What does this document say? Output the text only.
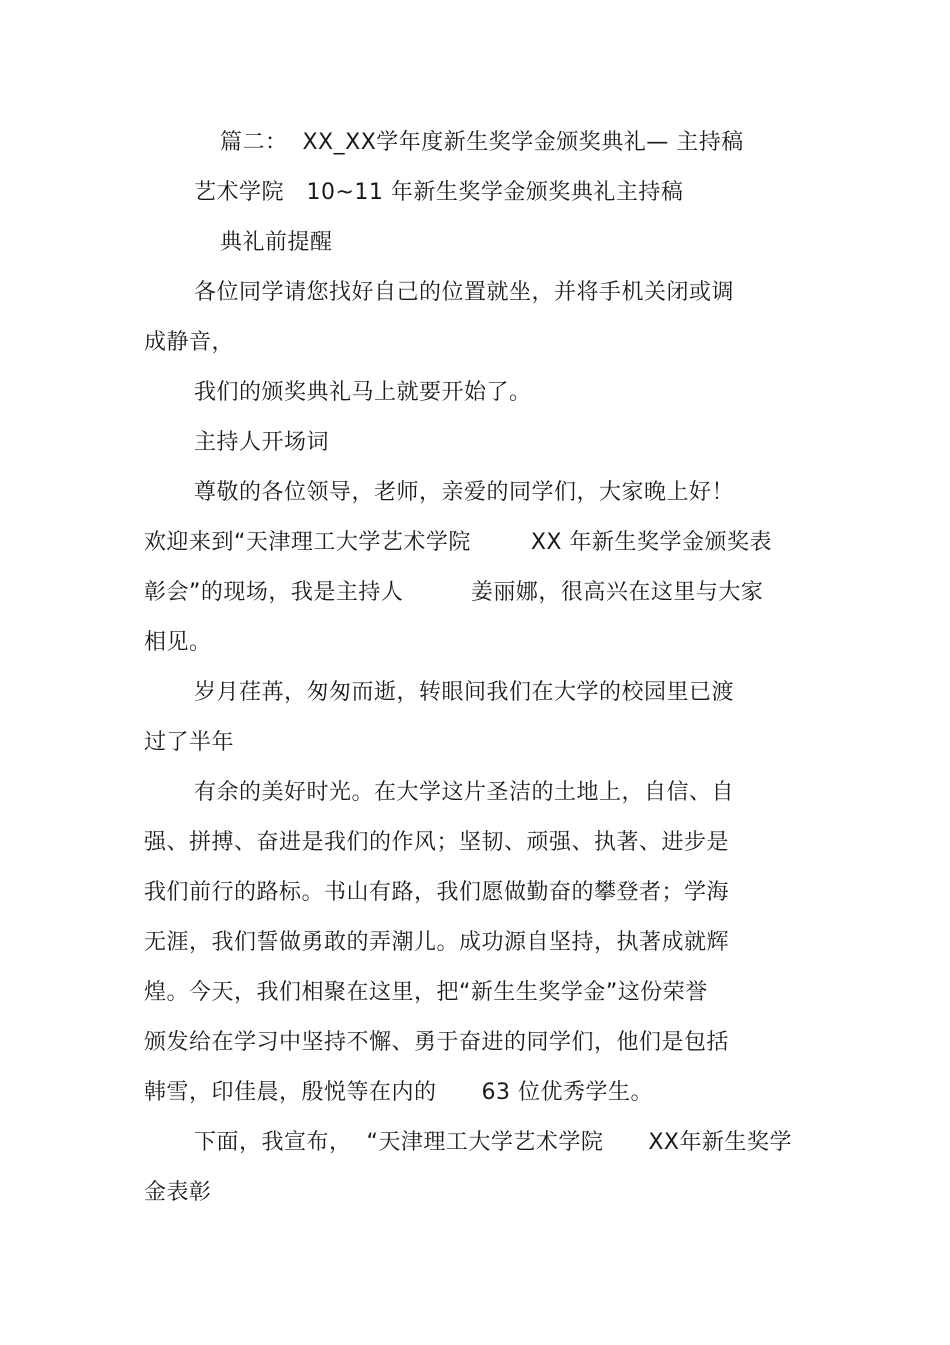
篇二：  XX_XX学年度新生奖学金颁奖典礼— 主持稿
艺术学院   10~11 年新生奖学金颁奖典礼主持稿
典礼前提醒
各位同学请您找好自己的位置就坐，并将手机关闭或调
成静音，
我们的颁奖典礼马上就要开始了。
主持人开场词
尊敬的各位领导，老师，亲爱的同学们，大家晚上好！
欢迎来到“天津理工大学艺术学院        XX 年新生奖学金颁奖表
彰会”的现场，我是主持人         姜丽娜，很高兴在这里与大家
相见。
岁月荏苒，匆匆而逝，转眼间我们在大学的校园里已渡
过了半年
有余的美好时光。在大学这片圣洁的土地上，自信、自
强、拼搏、奋进是我们的作风；坚韧、顽强、执著、进步是
我们前行的路标。书山有路，我们愿做勤奋的攀登者；学海
无涯，我们誓做勇敢的弄潮儿。成功源自坚持，执著成就辉
煌。今天，我们相聚在这里，把“新生生奖学金”这份荣誉
颁发给在学习中坚持不懈、勇于奋进的同学们，他们是包括
韩雪，印佳晨，殷悦等在内的      63 位优秀学生。
下面，我宣布，  “天津理工大学艺术学院      XX年新生奖学
金表彰
